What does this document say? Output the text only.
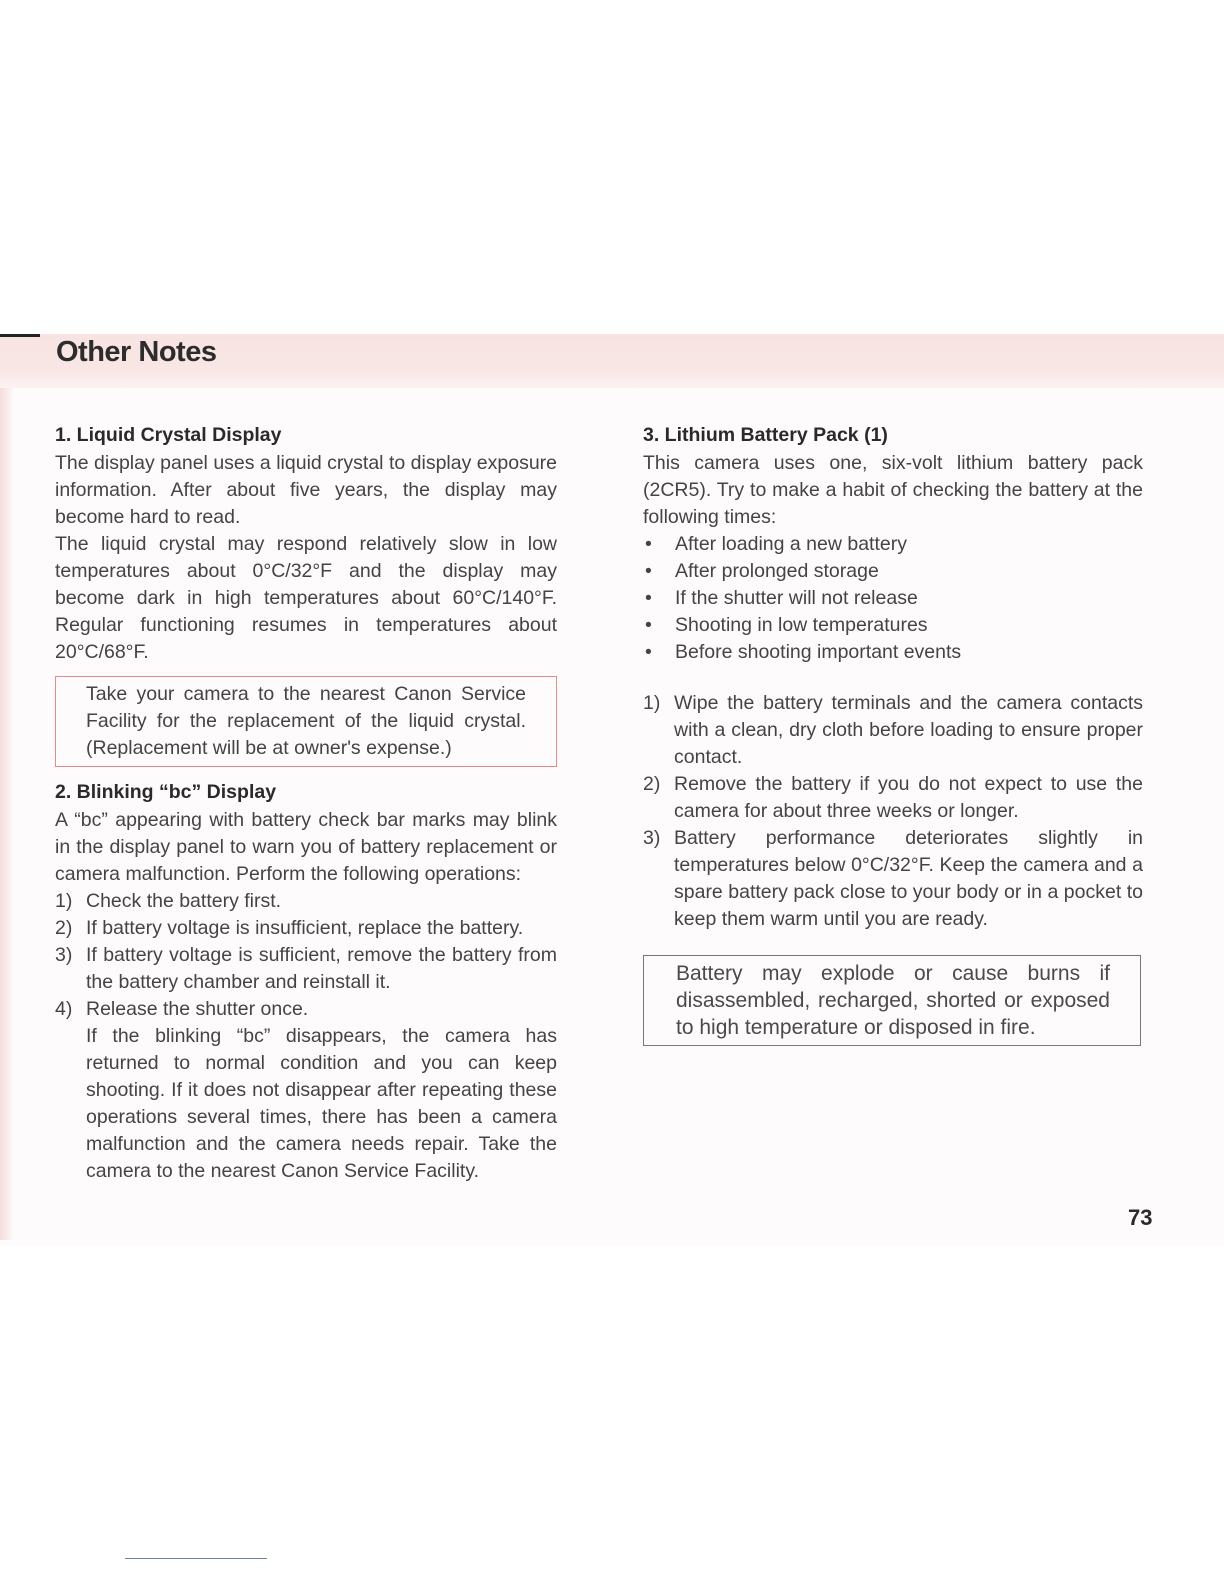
Other Notes
1. Liquid Crystal Display

The display panel uses a liquid crystal to display exposure information. After about five years, the display may become hard to read.

The liquid crystal may respond relatively slow in low temperatures about 0°C/32°F and the display may become dark in high temperatures about 60°C/140°F. Regular functioning resumes in temperatures about 20°C/68°F.

Take your camera to the nearest Canon Service Facility for the replacement of the liquid crystal. (Replacement will be at owner's expense.)
2. Blinking “bc” Display

A “bc” appearing with battery check bar marks may blink in the display panel to warn you of battery replacement or camera malfunction. Perform the following operations:

1) Check the battery first.
2) If battery voltage is insufficient, replace the battery.
3) If battery voltage is sufficient, remove the battery from the battery chamber and reinstall it.
4) Release the shutter once.
If the blinking “bc” disappears, the camera has returned to normal condition and you can keep shooting. If it does not disappear after repeating these operations several times, there has been a camera malfunction and the camera needs repair. Take the camera to the nearest Canon Service Facility.
3. Lithium Battery Pack (1)

This camera uses one, six-volt lithium battery pack (2CR5). Try to make a habit of checking the battery at the following times:

• After loading a new battery
• After prolonged storage
• If the shutter will not release
• Shooting in low temperatures
• Before shooting important events
1) Wipe the battery terminals and the camera contacts with a clean, dry cloth before loading to ensure proper contact.
2) Remove the battery if you do not expect to use the camera for about three weeks or longer.
3) Battery performance deteriorates slightly in temperatures below 0°C/32°F. Keep the camera and a spare battery pack close to your body or in a pocket to keep them warm until you are ready.
Battery may explode or cause burns if disassembled, recharged, shorted or exposed to high temperature or disposed in fire.
73
